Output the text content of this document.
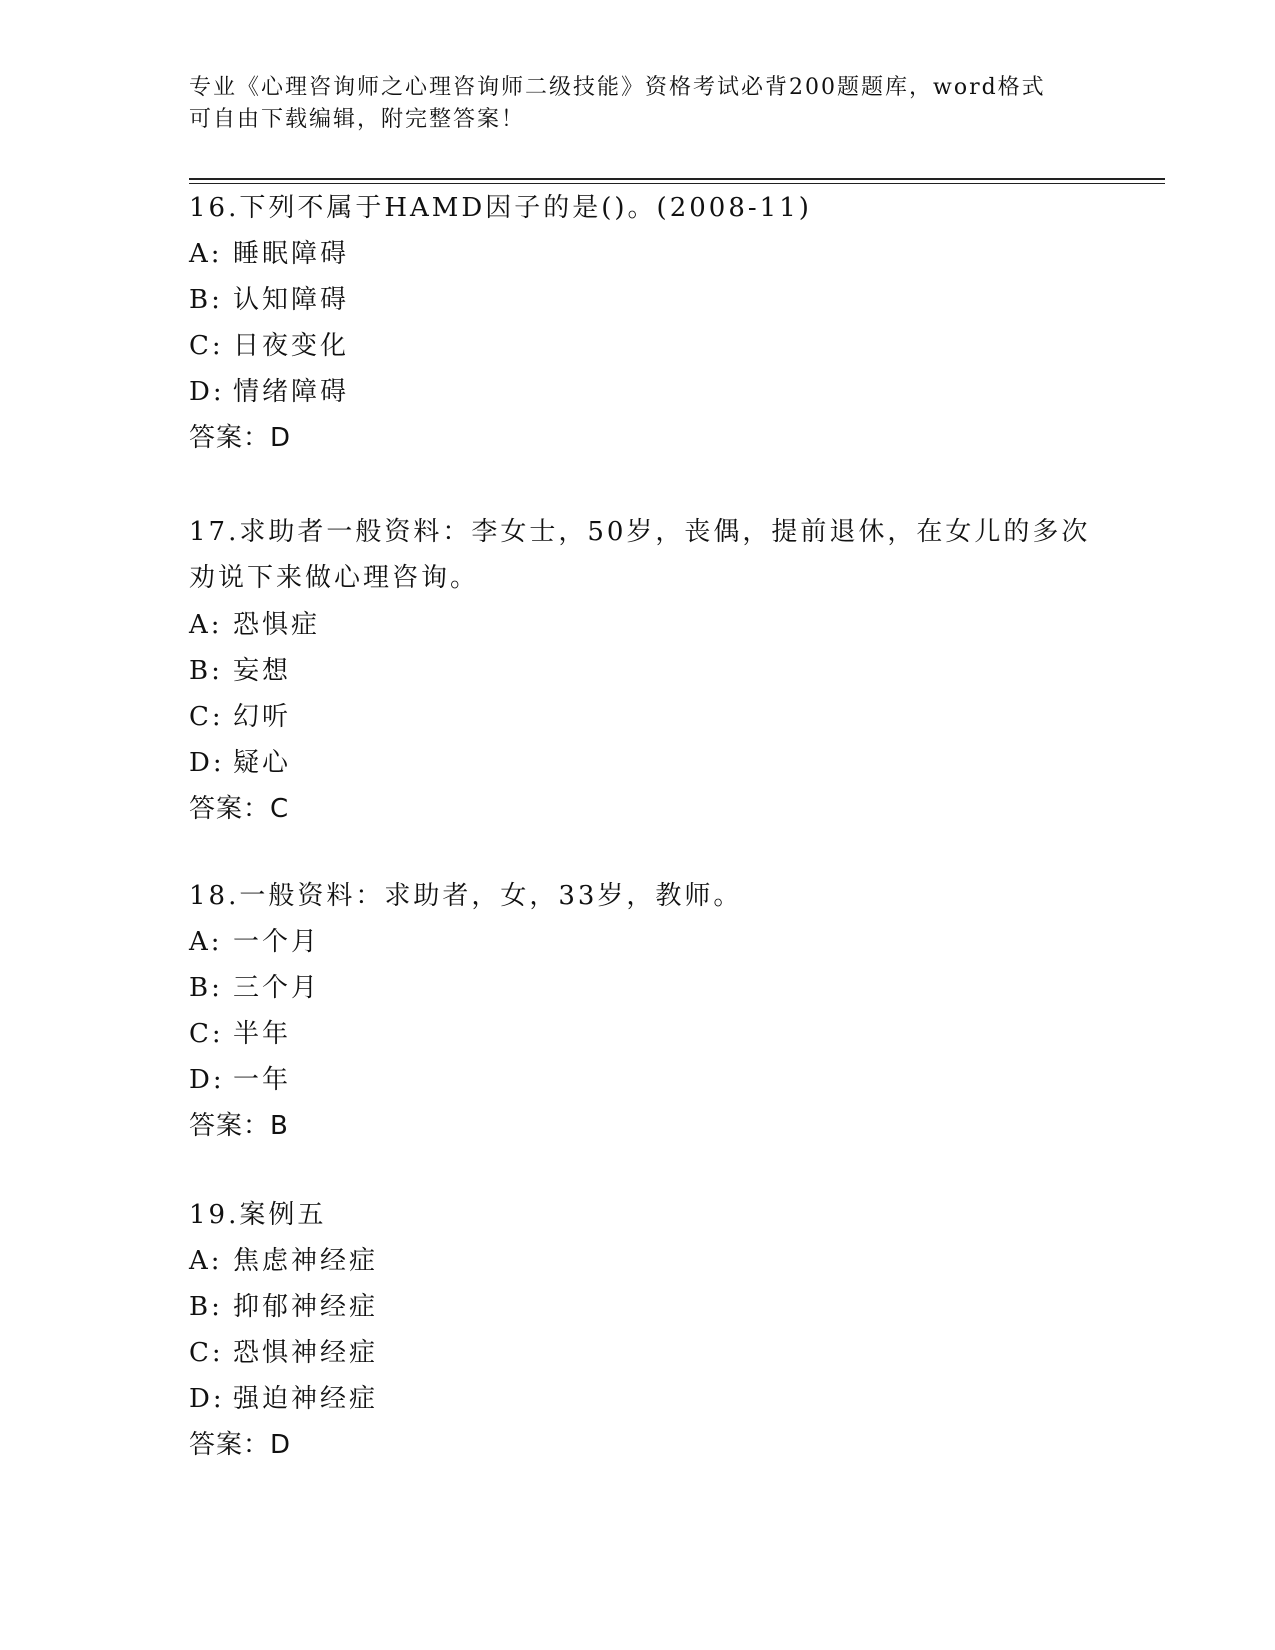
专业《心理咨询师之心理咨询师二级技能》资格考试必背200题题库，word格式
可自由下载编辑，附完整答案！
16.下列不属于HAMD因子的是()。(2008-11)
A: 睡眠障碍
B: 认知障碍
C: 日夜变化
D: 情绪障碍
答案：D
17.求助者一般资料：李女士，50岁，丧偶，提前退休，在女儿的多次
劝说下来做心理咨询。
A: 恐惧症
B: 妄想
C: 幻听
D: 疑心
答案：C
18.一般资料：求助者，女，33岁，教师。
A: 一个月
B: 三个月
C: 半年
D: 一年
答案：B
19.案例五
A: 焦虑神经症
B: 抑郁神经症
C: 恐惧神经症
D: 强迫神经症
答案：D
